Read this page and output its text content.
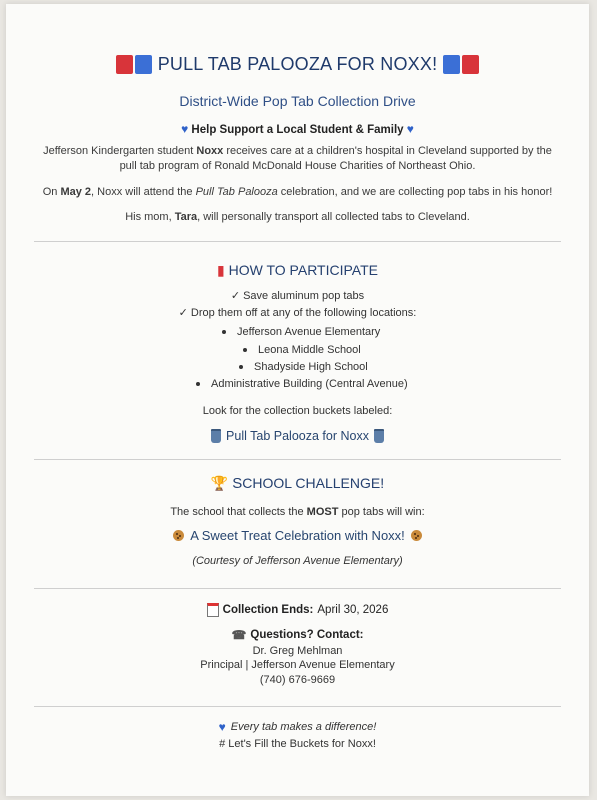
PULL TAB PALOOZA FOR NOXX!
District-Wide Pop Tab Collection Drive
♥ Help Support a Local Student & Family ♥
Jefferson Kindergarten student Noxx receives care at a children's hospital in Cleveland supported by the pull tab program of Ronald McDonald House Charities of Northeast Ohio.
On May 2, Noxx will attend the Pull Tab Palooza celebration, and we are collecting pop tabs in his honor!
His mom, Tara, will personally transport all collected tabs to Cleveland.
▮ HOW TO PARTICIPATE
✓ Save aluminum pop tabs
✓ Drop them off at any of the following locations:
Jefferson Avenue Elementary
Leona Middle School
Shadyside High School
Administrative Building (Central Avenue)
Look for the collection buckets labeled:
Pull Tab Palooza for Noxx
🏆 SCHOOL CHALLENGE!
The school that collects the MOST pop tabs will win:
A Sweet Treat Celebration with Noxx!
(Courtesy of Jefferson Avenue Elementary)
Collection Ends: April 30, 2026
☎ Questions? Contact:
Dr. Greg Mehlman
Principal | Jefferson Avenue Elementary
(740) 676-9669
♥ Every tab makes a difference!
# Let's Fill the Buckets for Noxx!
